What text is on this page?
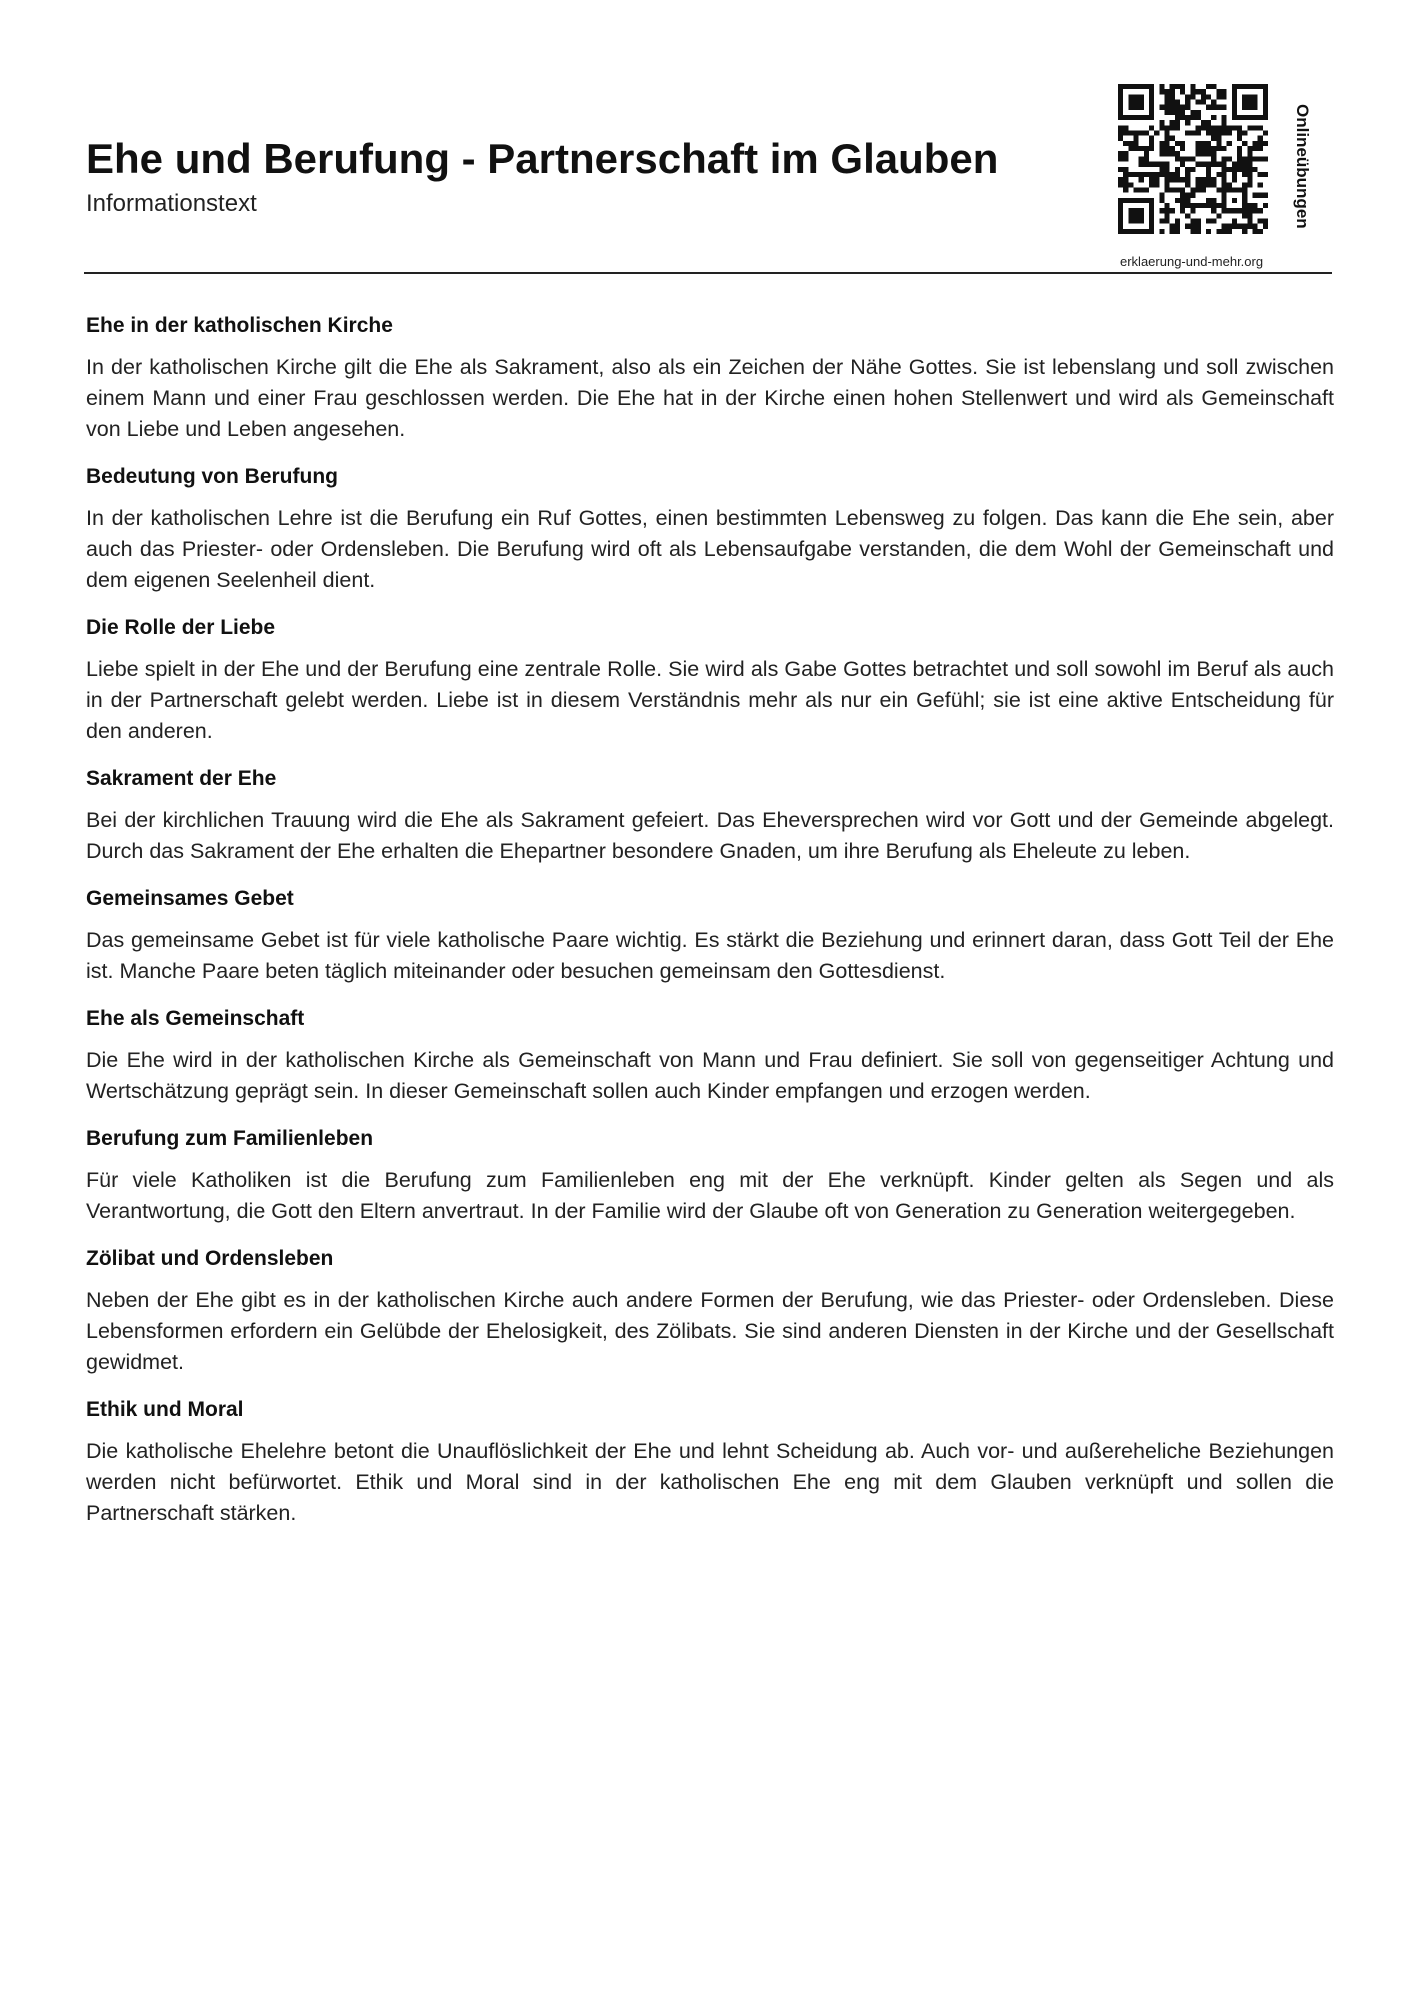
Ehe und Berufung - Partnerschaft im Glauben
Informationstext	Onlineübungen
erklaerung-und-mehr.org
Ehe in der katholischen Kirche

In der katholischen Kirche gilt die Ehe als Sakrament, also als ein Zeichen der Nähe Gottes. Sie ist lebenslang und soll zwischen einem Mann und einer Frau geschlossen werden. Die Ehe hat in der Kirche einen hohen Stellenwert und wird als Gemeinschaft von Liebe und Leben angesehen.

Bedeutung von Berufung

In der katholischen Lehre ist die Berufung ein Ruf Gottes, einen bestimmten Lebensweg zu folgen. Das kann die Ehe sein, aber auch das Priester- oder Ordensleben. Die Berufung wird oft als Lebensaufgabe verstanden, die dem Wohl der Gemeinschaft und dem eigenen Seelenheil dient.

Die Rolle der Liebe

Liebe spielt in der Ehe und der Berufung eine zentrale Rolle. Sie wird als Gabe Gottes betrachtet und soll sowohl im Beruf als auch in der Partnerschaft gelebt werden. Liebe ist in diesem Verständnis mehr als nur ein Gefühl; sie ist eine aktive Entscheidung für den anderen.

Sakrament der Ehe

Bei der kirchlichen Trauung wird die Ehe als Sakrament gefeiert. Das Eheversprechen wird vor Gott und der Gemeinde abgelegt. Durch das Sakrament der Ehe erhalten die Ehepartner besondere Gnaden, um ihre Berufung als Eheleute zu leben.

Gemeinsames Gebet

Das gemeinsame Gebet ist für viele katholische Paare wichtig. Es stärkt die Beziehung und erinnert daran, dass Gott Teil der Ehe ist. Manche Paare beten täglich miteinander oder besuchen gemeinsam den Gottesdienst.

Ehe als Gemeinschaft

Die Ehe wird in der katholischen Kirche als Gemeinschaft von Mann und Frau definiert. Sie soll von gegenseitiger Achtung und Wertschätzung geprägt sein. In dieser Gemeinschaft sollen auch Kinder empfangen und erzogen werden.

Berufung zum Familienleben

Für viele Katholiken ist die Berufung zum Familienleben eng mit der Ehe verknüpft. Kinder gelten als Segen und als Verantwortung, die Gott den Eltern anvertraut. In der Familie wird der Glaube oft von Generation zu Generation weitergegeben.

Zölibat und Ordensleben

Neben der Ehe gibt es in der katholischen Kirche auch andere Formen der Berufung, wie das Priester- oder Ordensleben. Diese Lebensformen erfordern ein Gelübde der Ehelosigkeit, des Zölibats. Sie sind anderen Diensten in der Kirche und der Gesellschaft gewidmet.

Ethik und Moral

Die katholische Ehelehre betont die Unauflöslichkeit der Ehe und lehnt Scheidung ab. Auch vor- und außereheliche Beziehungen werden nicht befürwortet. Ethik und Moral sind in der katholischen Ehe eng mit dem Glauben verknüpft und sollen die Partnerschaft stärken.
